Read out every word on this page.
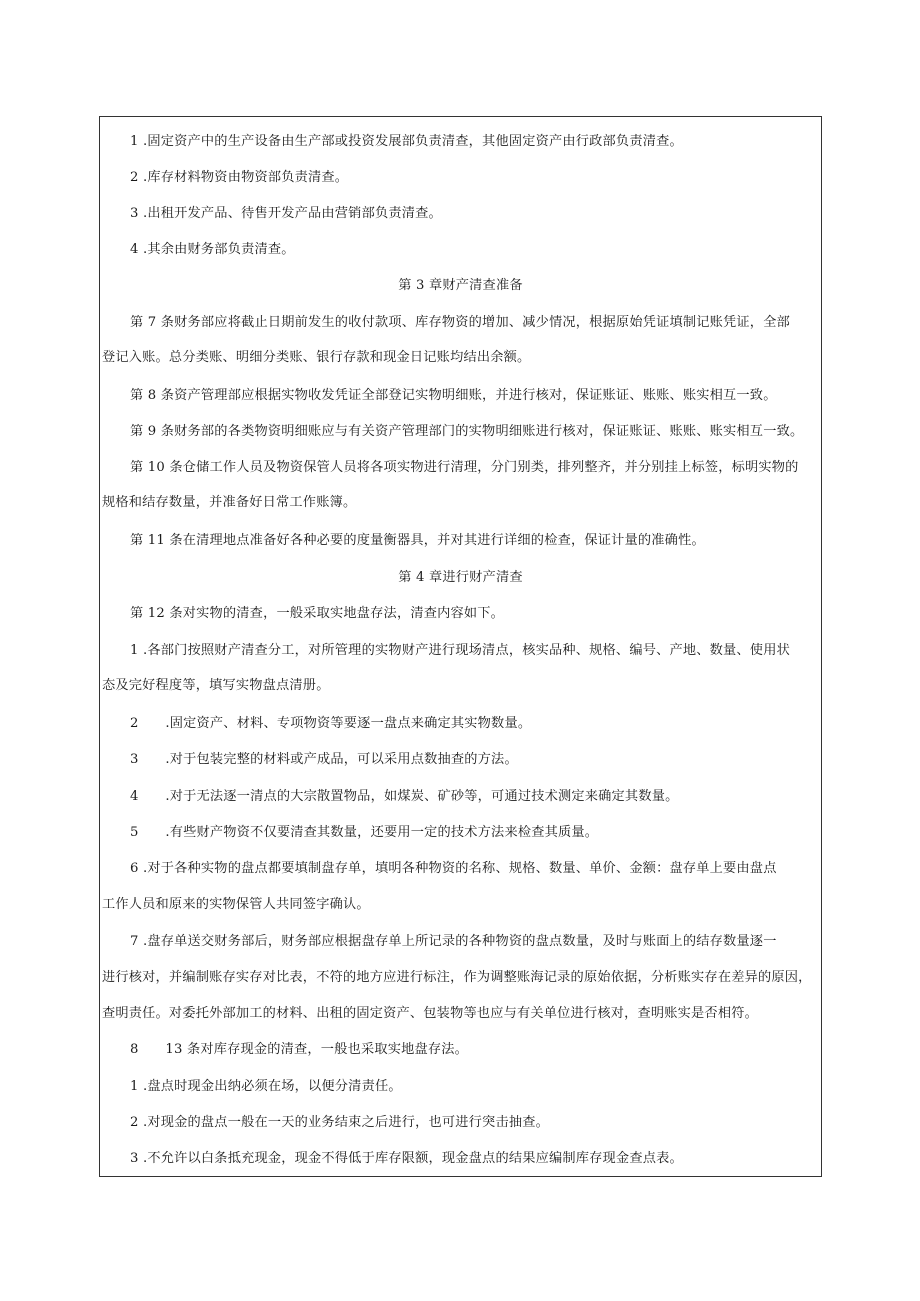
1 .固定资产中的生产设备由生产部或投资发展部负责清查，其他固定资产由行政部负责清查。
2 .库存材料物资由物资部负责清查。
3 .出租开发产品、待售开发产品由营销部负责清查。
4 .其余由财务部负责清查。
第 3 章财产清查准备
第 7 条财务部应将截止日期前发生的收付款项、库存物资的增加、减少情况，根据原始凭证填制记账凭证，全部
登记入账。总分类账、明细分类账、银行存款和现金日记账均结出余额。
第 8 条资产管理部应根据实物收发凭证全部登记实物明细账，并进行核对，保证账证、账账、账实相互一致。
第 9 条财务部的各类物资明细账应与有关资产管理部门的实物明细账进行核对，保证账证、账账、账实相互一致。
第 10 条仓储工作人员及物资保管人员将各项实物进行清理，分门别类，排列整齐，并分别挂上标签，标明实物的
规格和结存数量，并准备好日常工作账簿。
第 11 条在清理地点准备好各种必要的度量衡器具，并对其进行详细的检查，保证计量的准确性。
第 4 章进行财产清查
第 12 条对实物的清查，一般采取实地盘存法，清查内容如下。
1 .各部门按照财产清查分工，对所管理的实物财产进行现场清点，核实品种、规格、编号、产地、数量、使用状
态及完好程度等，填写实物盘点清册。
2　　.固定资产、材料、专项物资等要逐一盘点来确定其实物数量。
3　　.对于包装完整的材料或产成品，可以采用点数抽查的方法。
4　　.对于无法逐一清点的大宗散置物品，如煤炭、矿砂等，可通过技术测定来确定其数量。
5　　.有些财产物资不仅要清查其数量，还要用一定的技术方法来检查其质量。
6 .对于各种实物的盘点都要填制盘存单，填明各种物资的名称、规格、数量、单价、金额：盘存单上要由盘点
工作人员和原来的实物保管人共同签字确认。
7 .盘存单送交财务部后，财务部应根据盘存单上所记录的各种物资的盘点数量，及时与账面上的结存数量逐一
进行核对，并编制账存实存对比表，不符的地方应进行标注，作为调整账海记录的原始依据，分析账实存在差异的原因，
查明责任。对委托外部加工的材料、出租的固定资产、包装物等也应与有关单位进行核对，查明账实是否相符。
8　　13 条对库存现金的清查，一般也采取实地盘存法。
1 .盘点时现金出纳必须在场，以便分清责任。
2 .对现金的盘点一般在一天的业务结束之后进行，也可进行突击抽查。
3 .不允许以白条抵充现金，现金不得低于库存限额，现金盘点的结果应编制库存现金查点表。
